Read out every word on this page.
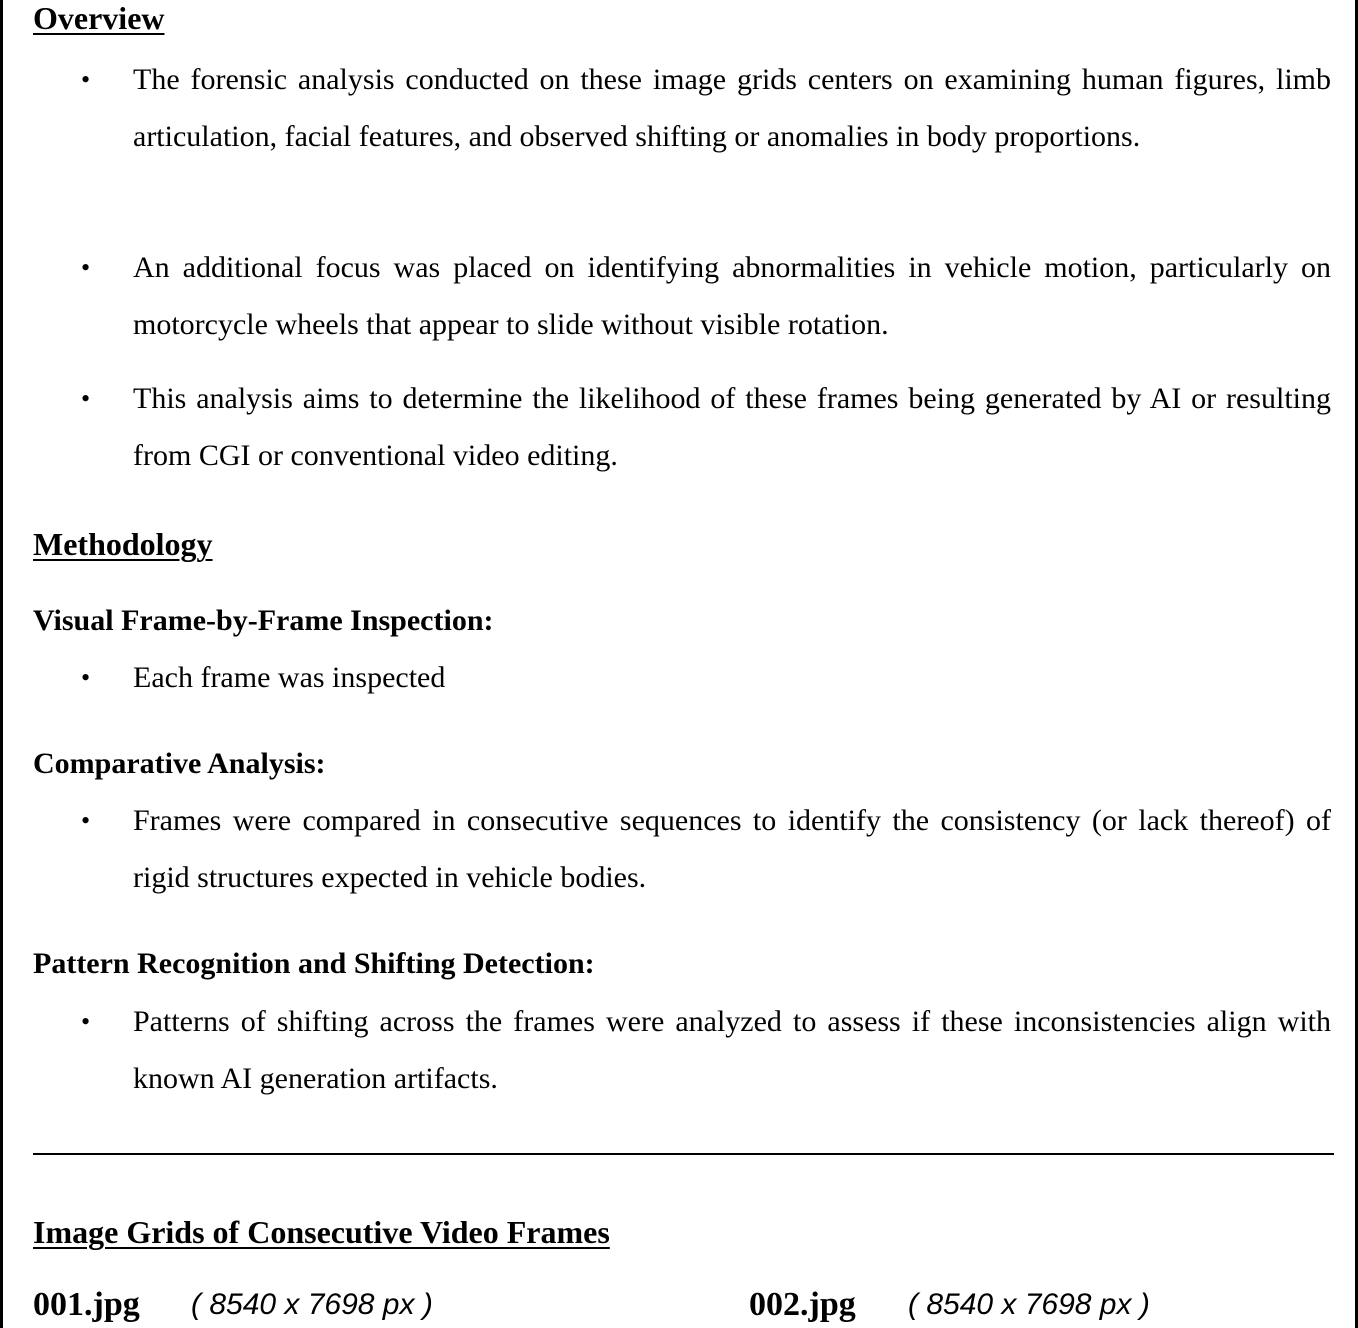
Overview
•	The forensic analysis conducted on these image grids centers on examining human figures, limb articulation, facial features, and observed shifting or anomalies in body proportions.

•	An additional focus was placed on identifying abnormalities in vehicle motion, particularly on motorcycle wheels that appear to slide without visible rotation.

•	This analysis aims to determine the likelihood of these frames being generated by AI or resulting from CGI or conventional video editing.

Methodology
Visual Frame-by-Frame Inspection:
•	Each frame was inspected

Comparative Analysis:
•	Frames were compared in consecutive sequences to identify the consistency (or lack thereof) of rigid structures expected in vehicle bodies.

Pattern Recognition and Shifting Detection:
•	Patterns of shifting across the frames were analyzed to assess if these inconsistencies align with known AI generation artifacts.

Image Grids of Consecutive Video Frames
001.jpg ( 8540 x 7698 px )	002.jpg ( 8540 x 7698 px )
